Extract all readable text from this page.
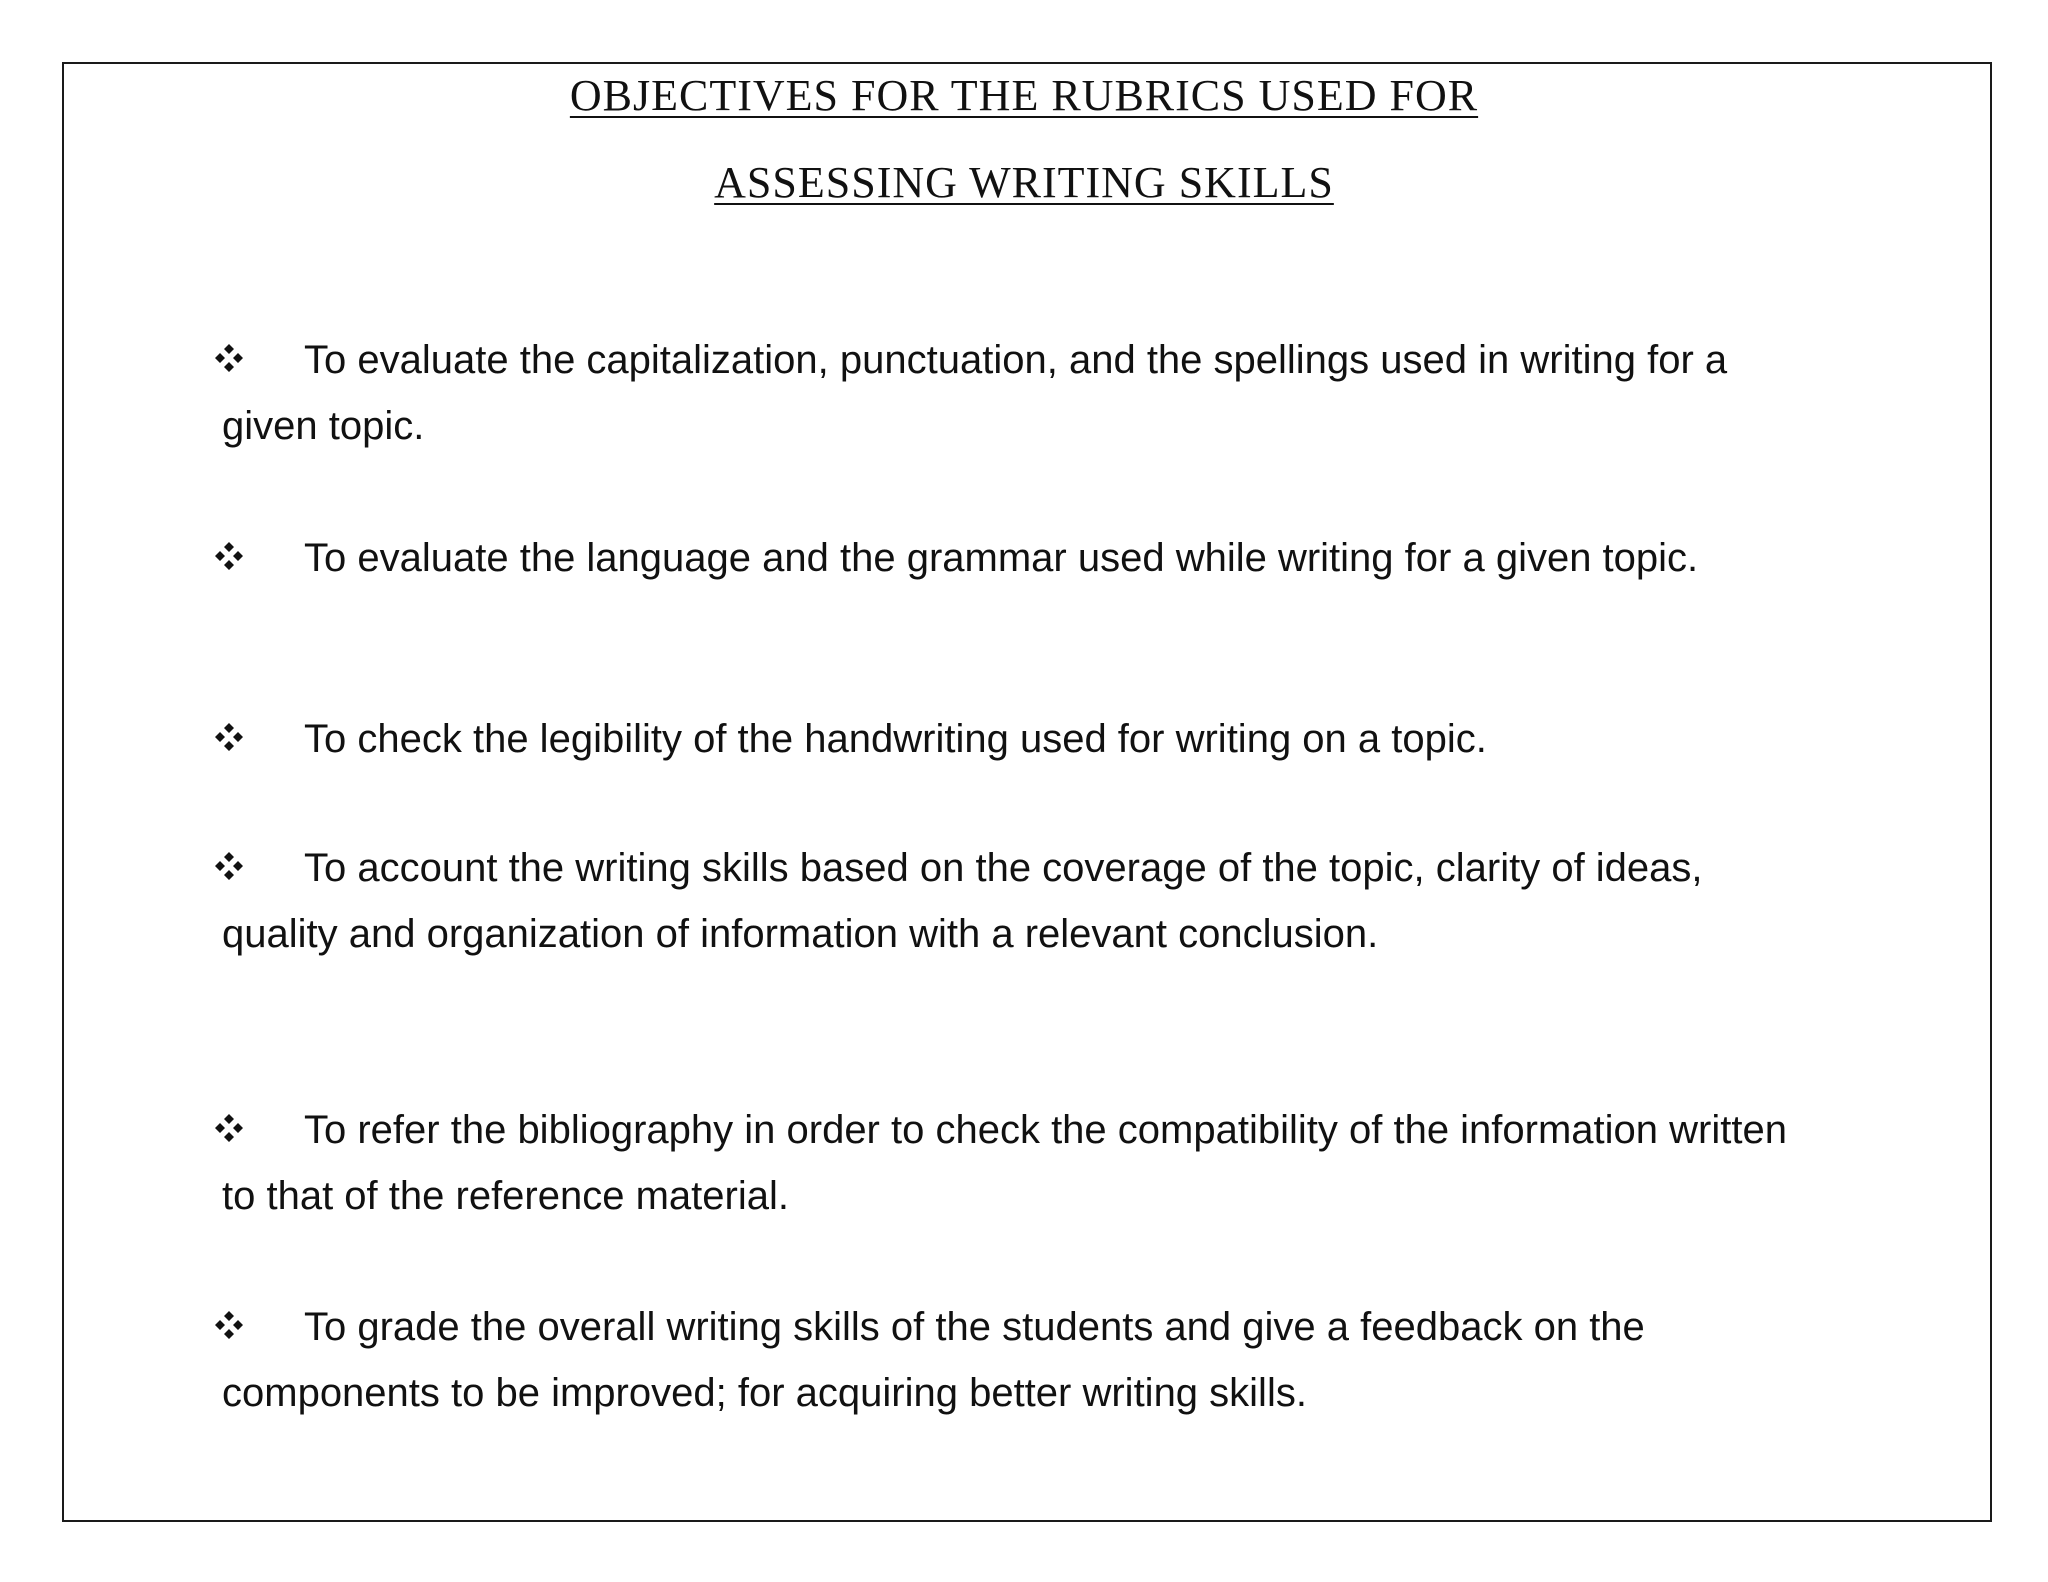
OBJECTIVES FOR THE RUBRICS USED FOR
ASSESSING WRITING SKILLS
To evaluate the capitalization, punctuation, and the spellings used in writing for a
given topic.
To evaluate the language and the grammar used while writing for a given topic.
To check the legibility of the handwriting used for writing on a topic.
To account the writing skills based on the coverage of the topic, clarity of ideas,
quality and organization of information with a relevant conclusion.
To refer the bibliography in order to check the compatibility of the information written
to that of the reference material.
To grade the overall writing skills of the students and give a feedback on the
components to be improved; for acquiring better writing skills.
